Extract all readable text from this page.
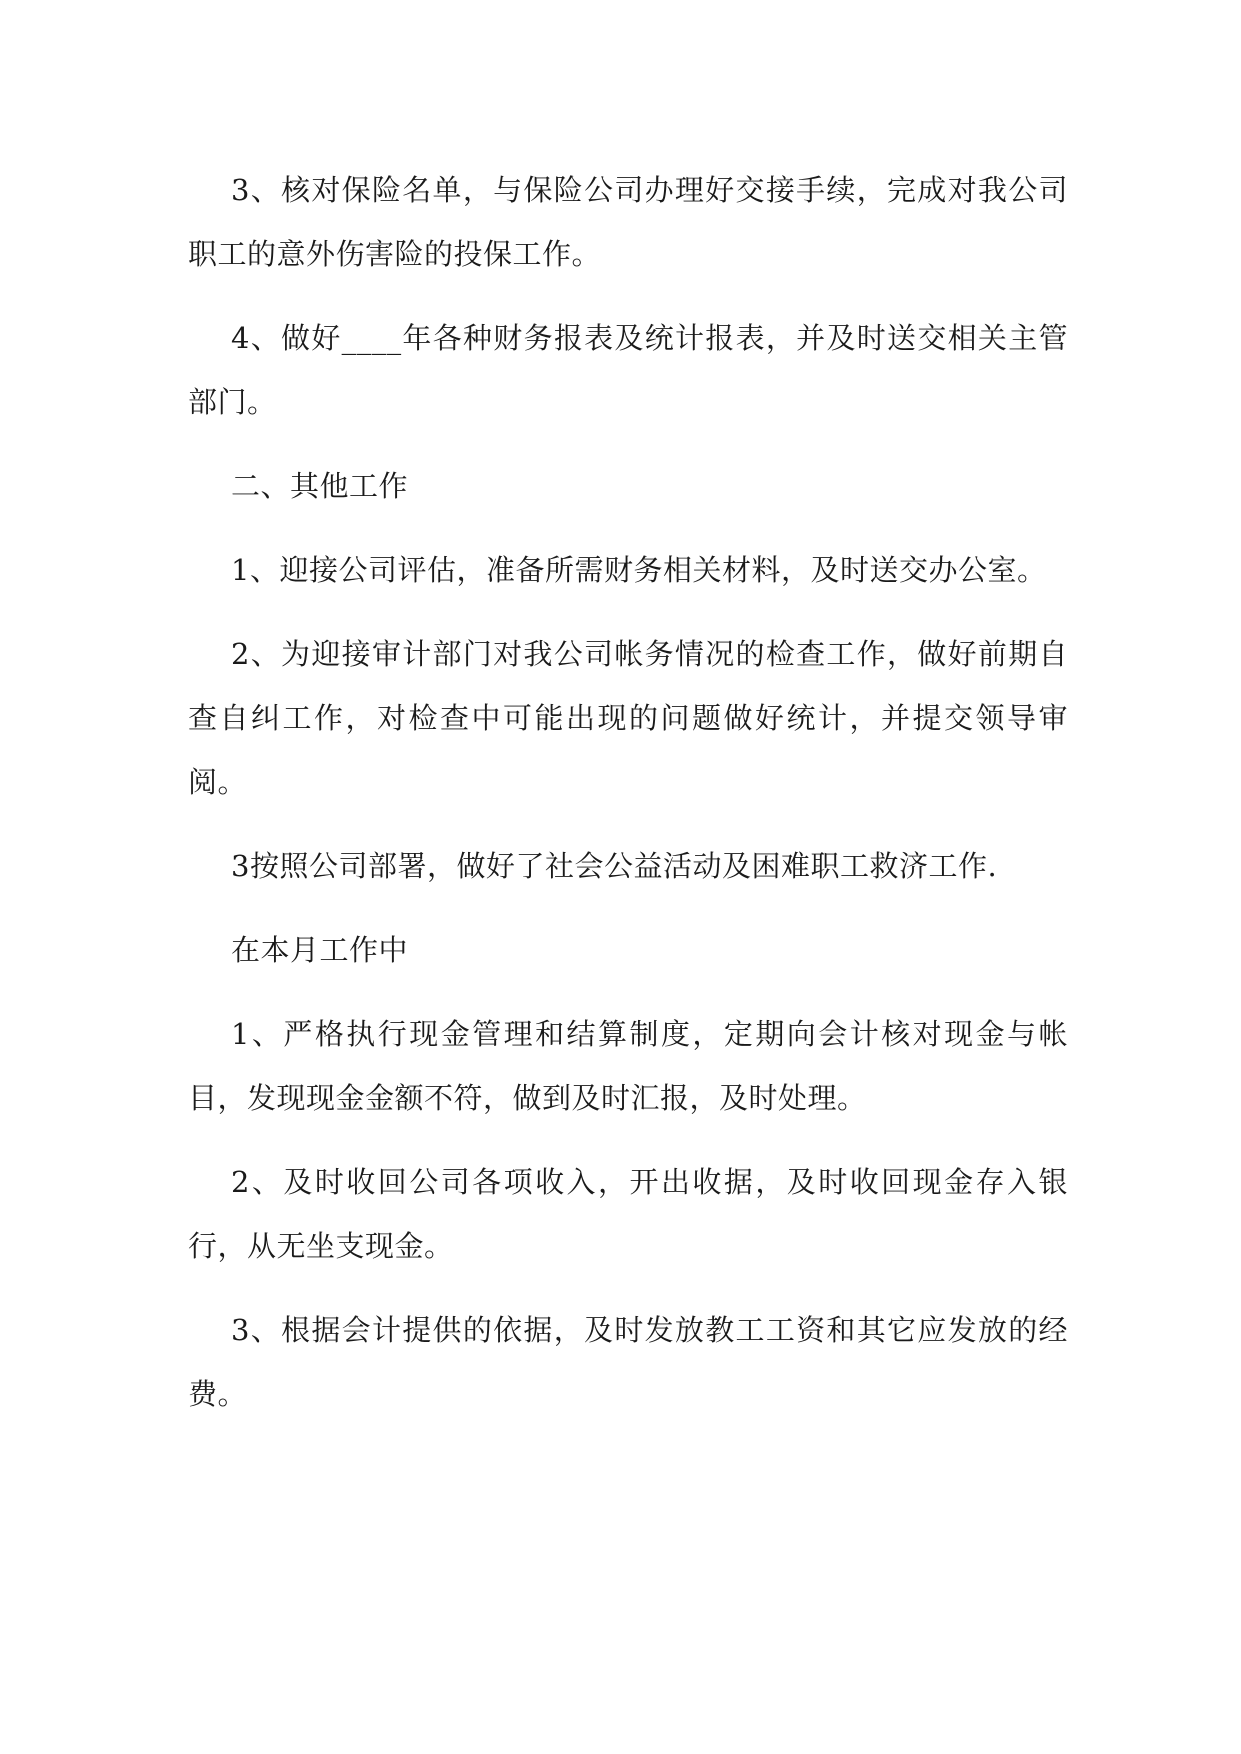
3、核对保险名单，与保险公司办理好交接手续，完成对我公司职工的意外伤害险的投保工作。

4、做好____年各种财务报表及统计报表，并及时送交相关主管部门。

二、其他工作

1、迎接公司评估，准备所需财务相关材料，及时送交办公室。

2、为迎接审计部门对我公司帐务情况的检查工作，做好前期自查自纠工作，对检查中可能出现的问题做好统计，并提交领导审阅。

3按照公司部署，做好了社会公益活动及困难职工救济工作.

在本月工作中

1、严格执行现金管理和结算制度，定期向会计核对现金与帐目，发现现金金额不符，做到及时汇报，及时处理。

2、及时收回公司各项收入，开出收据，及时收回现金存入银行，从无坐支现金。

3、根据会计提供的依据，及时发放教工工资和其它应发放的经费。
